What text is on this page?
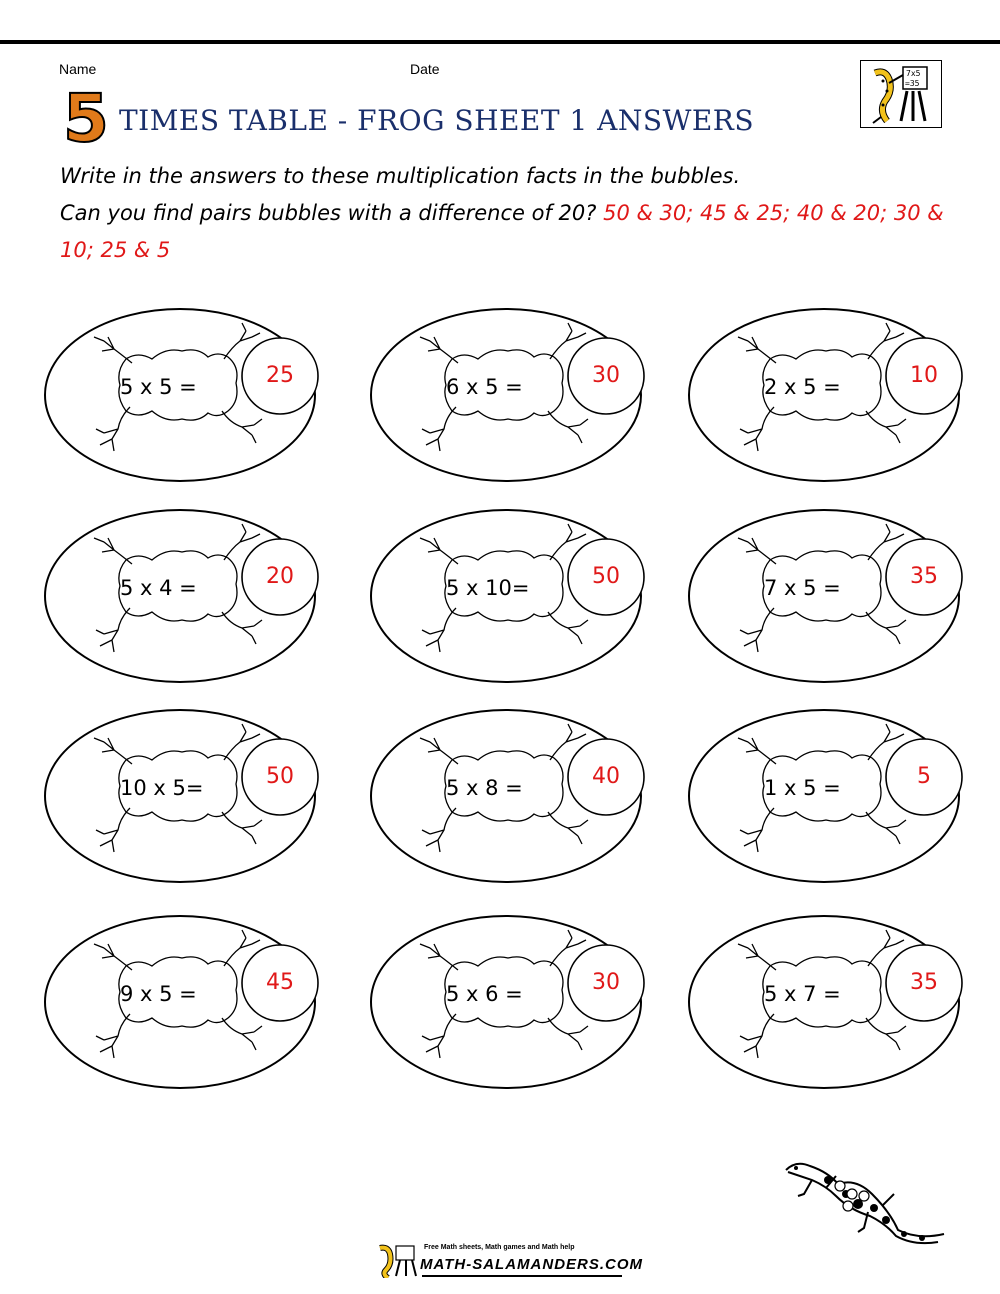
Name	Date	7x5
=35
5 TIMES TABLE - FROG SHEET 1 ANSWERS
Write in the answers to these multiplication facts in the bubbles.
Can you find pairs bubbles with a difference of 20? 50 & 30; 45 & 25; 40 & 20; 30 & 10; 25 & 5
5 x 5 =	25	6 x 5 =	30	2 x 5 =	10
5 x 4 =	20	5 x 10=	50	7 x 5 =	35
10 x 5=	50	5 x 8 =	40	1 x 5 =	5
9 x 5 =	45	5 x 6 =	30	5 x 7 =	35
Free Math sheets, Math games and Math help
MATH-SALAMANDERS.COM
